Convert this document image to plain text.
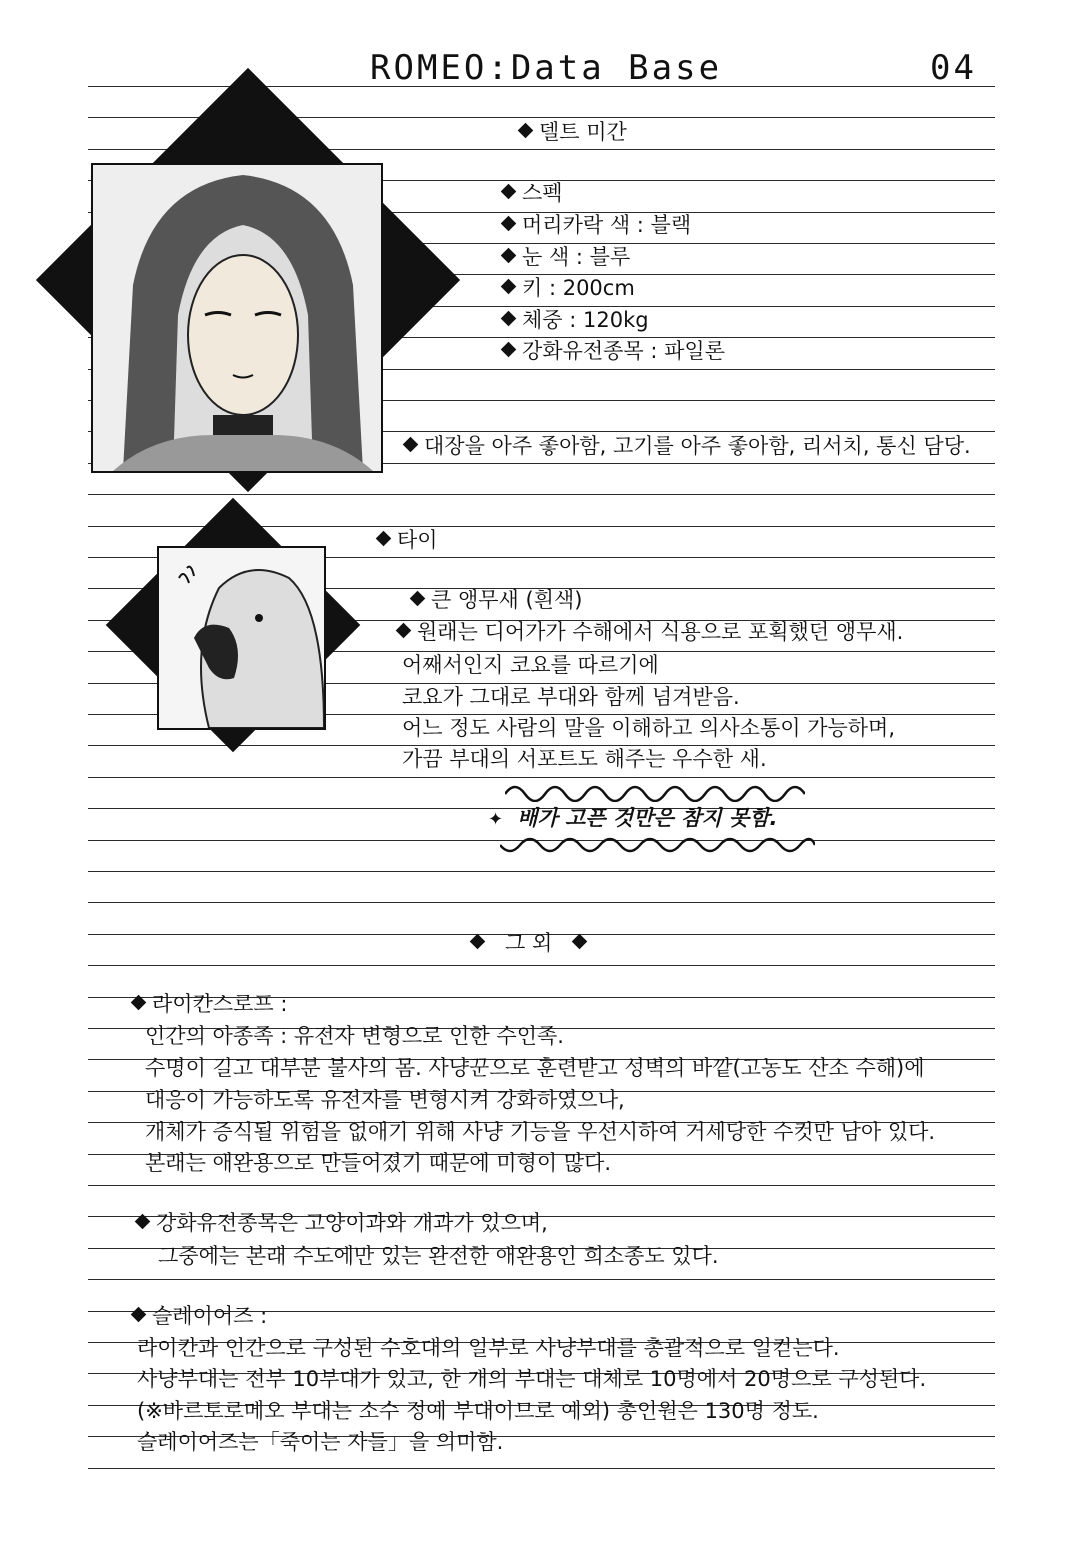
ROMEO:Data Base	04
델트 미간
스펙
머리카락 색 : 블랙
눈 색 : 블루
키 : 200cm
체중 : 120kg
강화유전종목 : 파일론
대장을 아주 좋아함, 고기를 아주 좋아함, 리서치, 통신 담당.
타이
큰 앵무새 (흰색)
원래는 디어가가 수해에서 식용으로 포획했던 앵무새.
어째서인지 코요를 따르기에
코요가 그대로 부대와 함께 넘겨받음.
어느 정도 사람의 말을 이해하고 의사소통이 가능하며,
가끔 부대의 서포트도 해주는 우수한 새.
✦ 배가 고픈 것만은 참지 못함.
그 외
라이칸스로프 :
인간의 아종족 : 유전자 변형으로 인한 수인족.
수명이 길고 대부분 불사의 몸. 사냥꾼으로 훈련받고 성벽의 바깥(고농도 산소 수해)에
대응이 가능하도록 유전자를 변형시켜 강화하였으나,
개체가 증식될 위험을 없애기 위해 사냥 기능을 우선시하여 거세당한 수컷만 남아 있다.
본래는 애완용으로 만들어졌기 때문에 미형이 많다.
강화유전종목은 고양이과와 개과가 있으며,
그중에는 본래 수도에만 있는 완전한 애완용인 희소종도 있다.
슬레이어즈 :
라이칸과 인간으로 구성된 수호대의 일부로 사냥부대를 총괄적으로 일컫는다.
사냥부대는 전부 10부대가 있고, 한 개의 부대는 대체로 10명에서 20명으로 구성된다.
(※바르토로메오 부대는 소수 정예 부대이므로 예외) 총인원은 130명 정도.
슬레이어즈는「죽이는 자들」을 의미함.
